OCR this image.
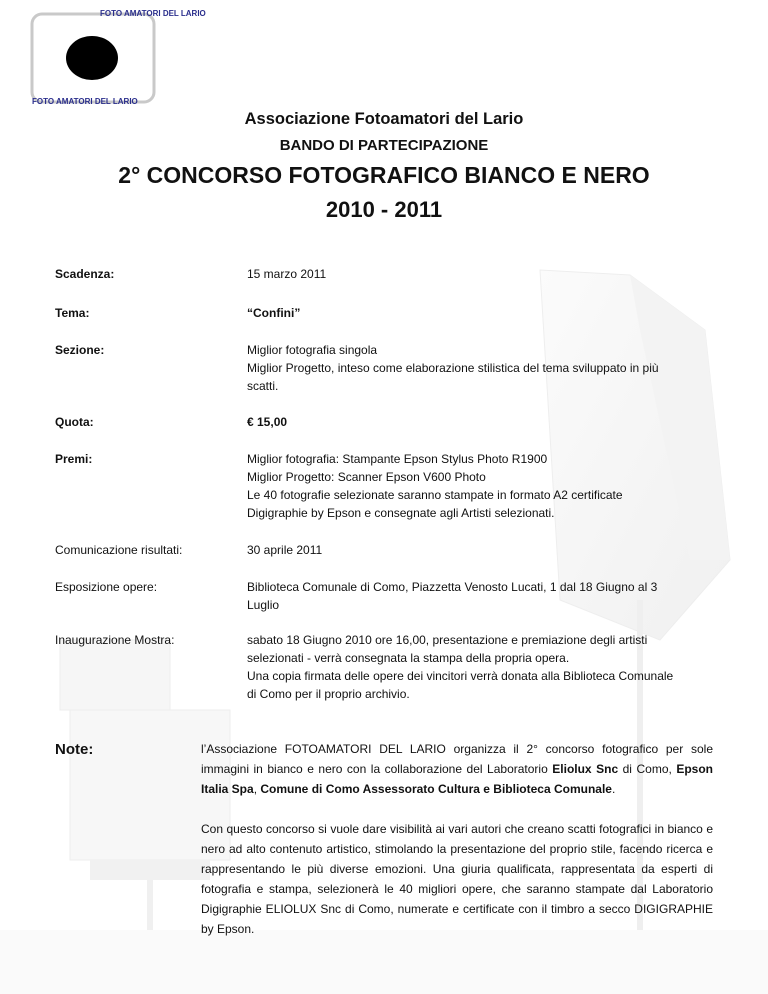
FOTO AMATORI DEL LARIO
FOTO AMATORI DEL LARIO
Associazione Fotoamatori del Lario
BANDO DI PARTECIPAZIONE
2° CONCORSO FOTOGRAFICO BIANCO E NERO
2010 - 2011
Scadenza:	15 marzo 2011
Tema:	“Confini”
Sezione:	Miglior fotografia singola
Miglior Progetto, inteso come elaborazione stilistica del tema sviluppato in più
scatti.
Quota:	€ 15,00
Premi:	Miglior fotografia: Stampante Epson Stylus Photo R1900
Miglior Progetto: Scanner Epson V600 Photo
Le 40 fotografie selezionate saranno stampate in formato A2 certificate
Digigraphie by Epson e consegnate agli Artisti selezionati.
Comunicazione risultati:	30 aprile 2011
Esposizione opere:	Biblioteca Comunale di Como, Piazzetta Venosto Lucati, 1 dal 18 Giugno al 3
Luglio
Inaugurazione Mostra:	sabato 18 Giugno 2010 ore 16,00, presentazione e premiazione degli artisti
selezionati - verrà consegnata la stampa della propria opera.
Una copia firmata delle opere dei vincitori verrà donata alla Biblioteca Comunale
di Como per il proprio archivio.
Note:	l’Associazione FOTOAMATORI DEL LARIO organizza il 2° concorso fotografico per sole immagini in bianco e nero con la collaborazione del Laboratorio Eliolux Snc di Como, Epson Italia Spa, Comune di Como Assessorato Cultura e Biblioteca Comunale.
Con questo concorso si vuole dare visibilità ai vari autori che creano scatti fotografici in bianco e nero ad alto contenuto artistico, stimolando la presentazione del proprio stile, facendo ricerca e rappresentando le più diverse emozioni. Una giuria qualificata, rappresentata da esperti di fotografia e stampa, selezionerà le 40 migliori opere, che saranno stampate dal Laboratorio Digigraphie ELIOLUX Snc di Como, numerate e certificate con il timbro a secco DIGIGRAPHIE by Epson.
